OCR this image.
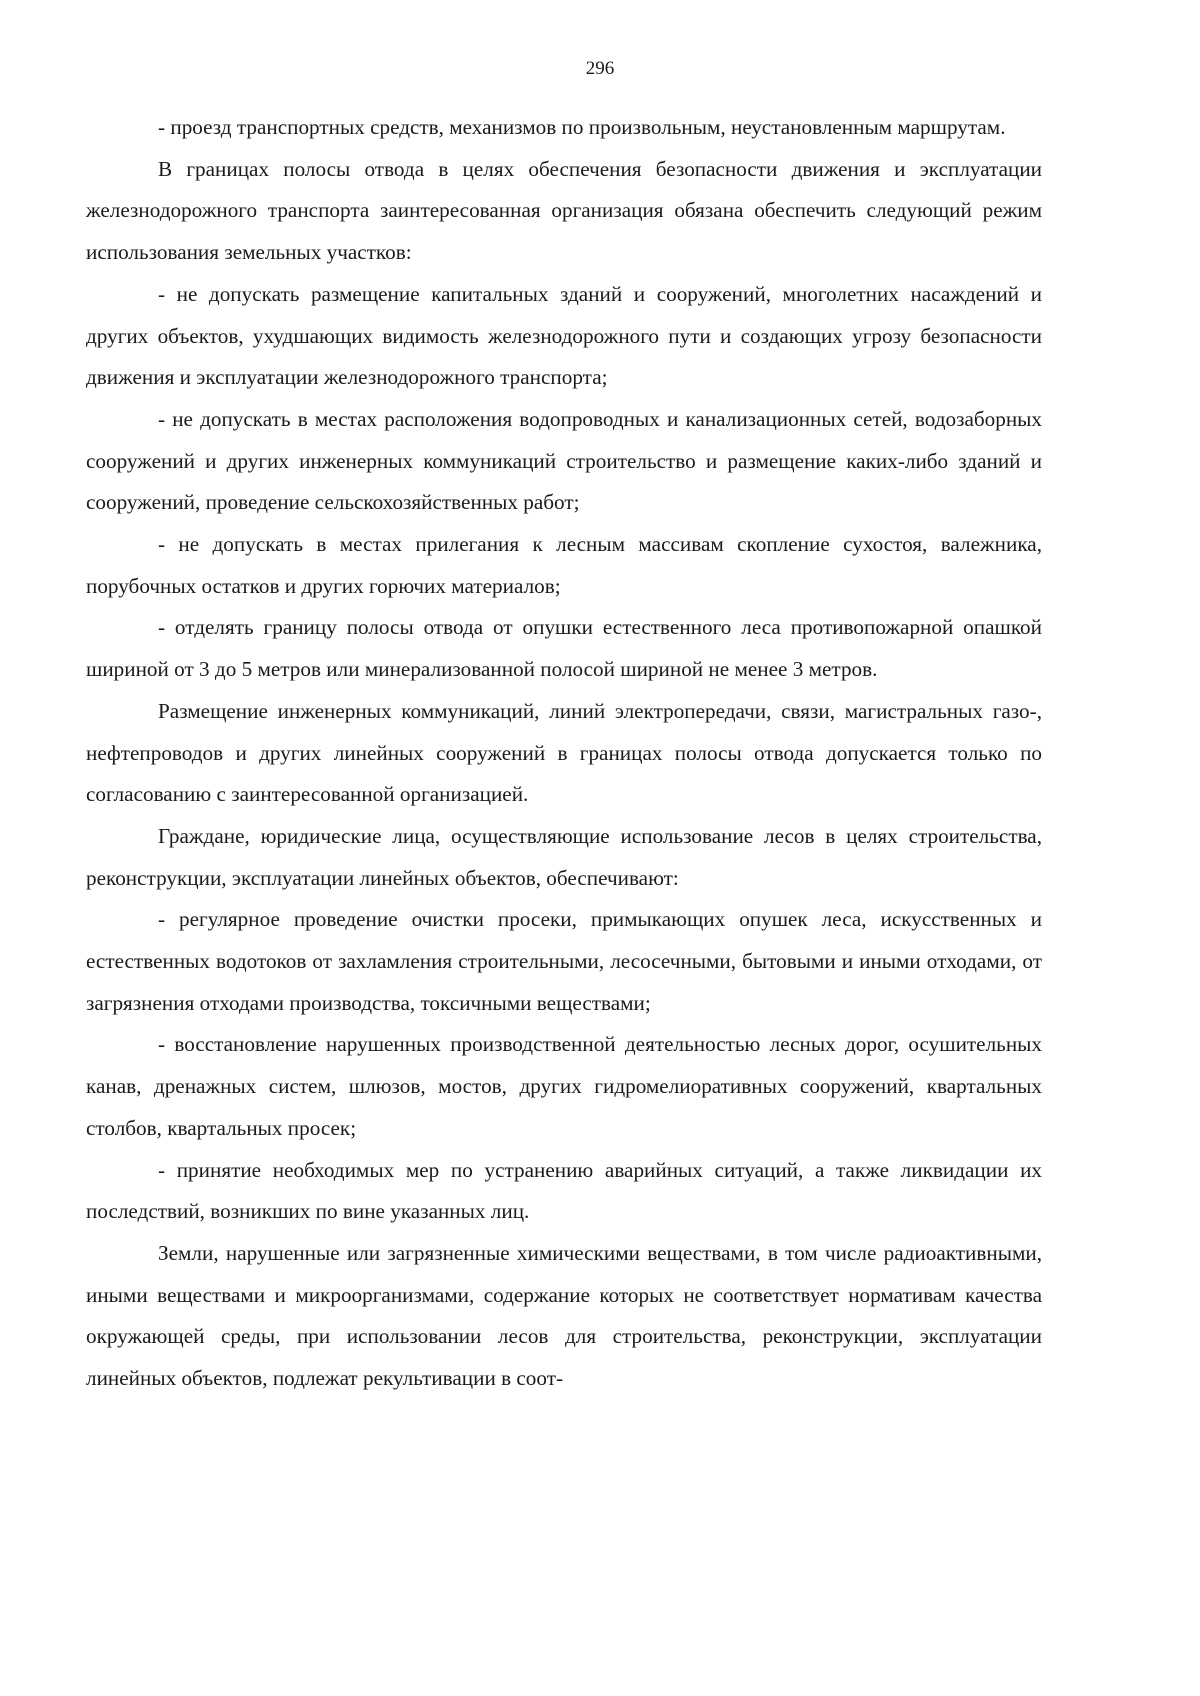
296

- проезд транспортных средств, механизмов по произвольным, неустановленным маршрутам.

В границах полосы отвода в целях обеспечения безопасности движения и эксплуатации железнодорожного транспорта заинтересованная организация обязана обеспечить следующий режим использования земельных участков:

- не допускать размещение капитальных зданий и сооружений, многолетних насаждений и других объектов, ухудшающих видимость железнодорожного пути и создающих угрозу безопасности движения и эксплуатации железнодорожного транспорта;

- не допускать в местах расположения водопроводных и канализационных сетей, водозаборных сооружений и других инженерных коммуникаций строительство и размещение каких-либо зданий и сооружений, проведение сельскохозяйственных работ;

- не допускать в местах прилегания к лесным массивам скопление сухостоя, валежника, порубочных остатков и других горючих материалов;

- отделять границу полосы отвода от опушки естественного леса противопожарной опашкой шириной от 3 до 5 метров или минерализованной полосой шириной не менее 3 метров.

Размещение инженерных коммуникаций, линий электропередачи, связи, магистральных газо-, нефтепроводов и других линейных сооружений в границах полосы отвода допускается только по согласованию с заинтересованной организацией.

Граждане, юридические лица, осуществляющие использование лесов в целях строительства, реконструкции, эксплуатации линейных объектов, обеспечивают:

- регулярное проведение очистки просеки, примыкающих опушек леса, искусственных и естественных водотоков от захламления строительными, лесосечными, бытовыми и иными отходами, от загрязнения отходами производства, токсичными веществами;

- восстановление нарушенных производственной деятельностью лесных дорог, осушительных канав, дренажных систем, шлюзов, мостов, других гидромелиоративных сооружений, квартальных столбов, квартальных просек;

- принятие необходимых мер по устранению аварийных ситуаций, а также ликвидации их последствий, возникших по вине указанных лиц.

Земли, нарушенные или загрязненные химическими веществами, в том числе радиоактивными, иными веществами и микроорганизмами, содержание которых не соответствует нормативам качества окружающей среды, при использовании лесов для строительства, реконструкции, эксплуатации линейных объектов, подлежат рекультивации в соот-
